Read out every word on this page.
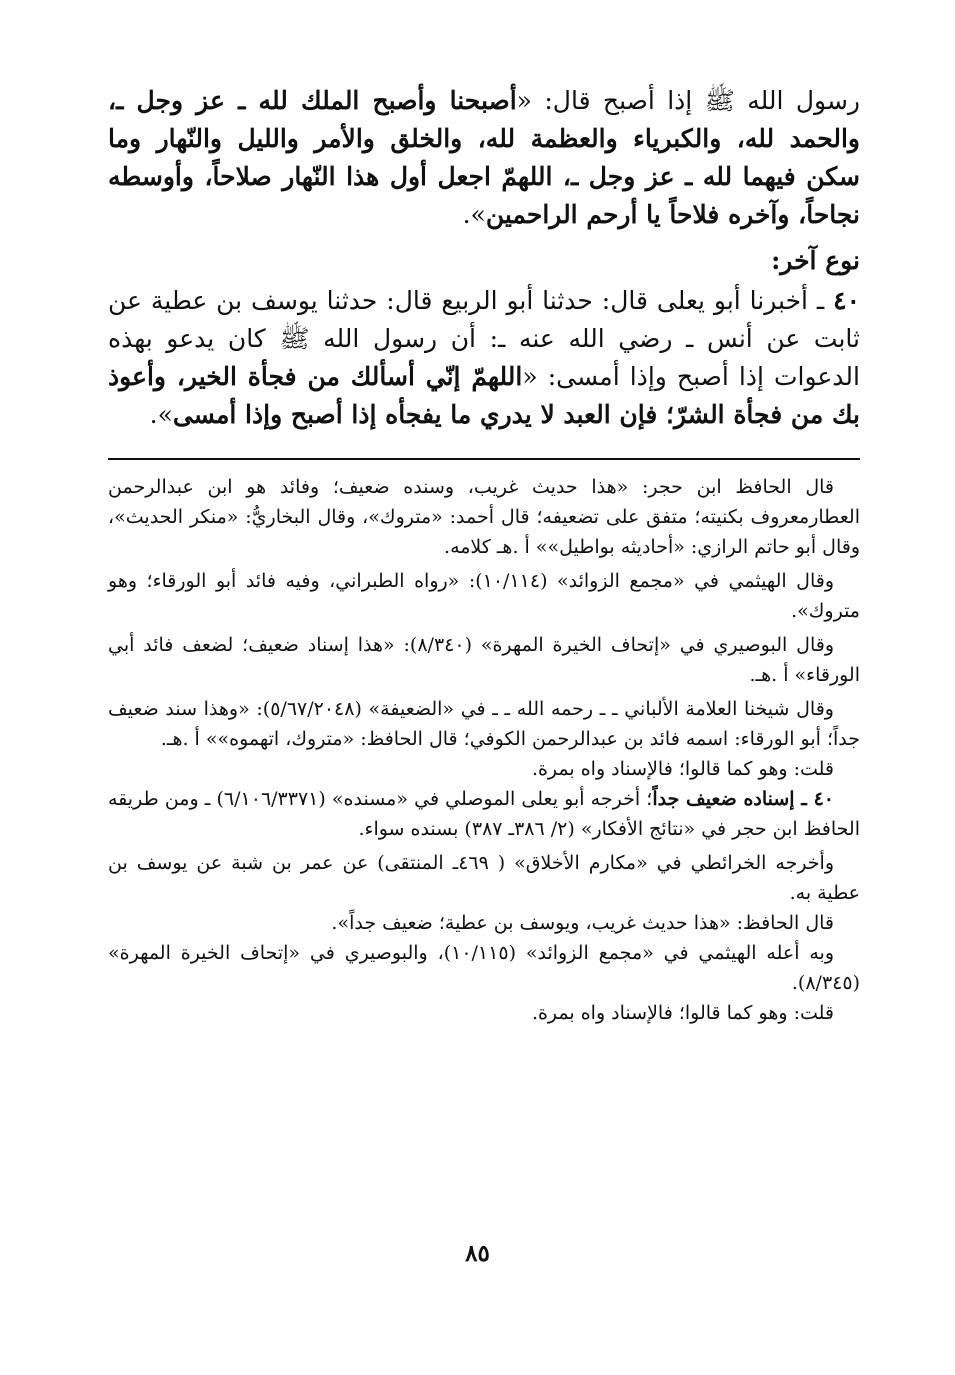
رسول الله ﷺ إذا أصبح قال: «أصبحنا وأصبح الملك لله ـ عز وجل ـ، والحمد لله، والكبرياء والعظمة لله، والخلق والأمر والليل والنّهار وما سكن فيهما لله ـ عز وجل ـ، اللهمّ اجعل أول هذا النّهار صلاحاً، وأوسطه نجاحاً، وآخره فلاحاً يا أرحم الراحمين».

نوع آخر:

٤٠ ـ أخبرنا أبو يعلى قال: حدثنا أبو الربيع قال: حدثنا يوسف بن عطية عن ثابت عن أنس ـ رضي الله عنه ـ: أن رسول الله ﷺ كان يدعو بهذه الدعوات إذا أصبح وإذا أمسى: «اللهمّ إنّي أسألك من فجأة الخير، وأعوذ بك من فجأة الشرّ؛ فإن العبد لا يدري ما يفجأه إذا أصبح وإذا أمسى».

قال الحافظ ابن حجر: «هذا حديث غريب، وسنده ضعيف؛ وفائد هو ابن عبدالرحمن العطارمعروف بكنيته؛ متفق على تضعيفه؛ قال أحمد: «متروك»، وقال البخاريُّ: «منكر الحديث»، وقال أبو حاتم الرازي: «أحاديثه بواطيل»» أ .هـ كلامه.

وقال الهيثمي في «مجمع الزوائد» (١٠/١١٤): «رواه الطبراني، وفيه فائد أبو الورقاء؛ وهو متروك».

وقال البوصيري في «إتحاف الخيرة المهرة» (٨/٣٤٠): «هذا إسناد ضعيف؛ لضعف فائد أبي الورقاء» أ .هـ.

وقال شيخنا العلامة الألباني ـ ـ رحمه الله ـ ـ في «الضعيفة» (٥/٦٧/٢٠٤٨): «وهذا سند ضعيف جداً؛ أبو الورقاء: اسمه فائد بن عبدالرحمن الكوفي؛ قال الحافظ: «متروك، اتهموه»» أ .هـ.

قلت: وهو كما قالوا؛ فالإسناد واه بمرة.

٤٠ ـ إسناده ضعيف جداً؛ أخرجه أبو يعلى الموصلي في «مسنده» (٦/١٠٦/٣٣٧١) ـ ومن طريقه الحافظ ابن حجر في «نتائج الأفكار» (٢/ ٣٨٦ـ ٣٨٧) بسنده سواء.

وأخرجه الخرائطي في «مكارم الأخلاق» ( ٤٦٩ـ المنتقى) عن عمر بن شبة عن يوسف بن عطية به.

قال الحافظ: «هذا حديث غريب، ويوسف بن عطية؛ ضعيف جداً».

وبه أعله الهيثمي في «مجمع الزوائد» (١٠/١١٥)، والبوصيري في «إتحاف الخيرة المهرة» (٨/٣٤٥).

قلت: وهو كما قالوا؛ فالإسناد واه بمرة.

٨٥
